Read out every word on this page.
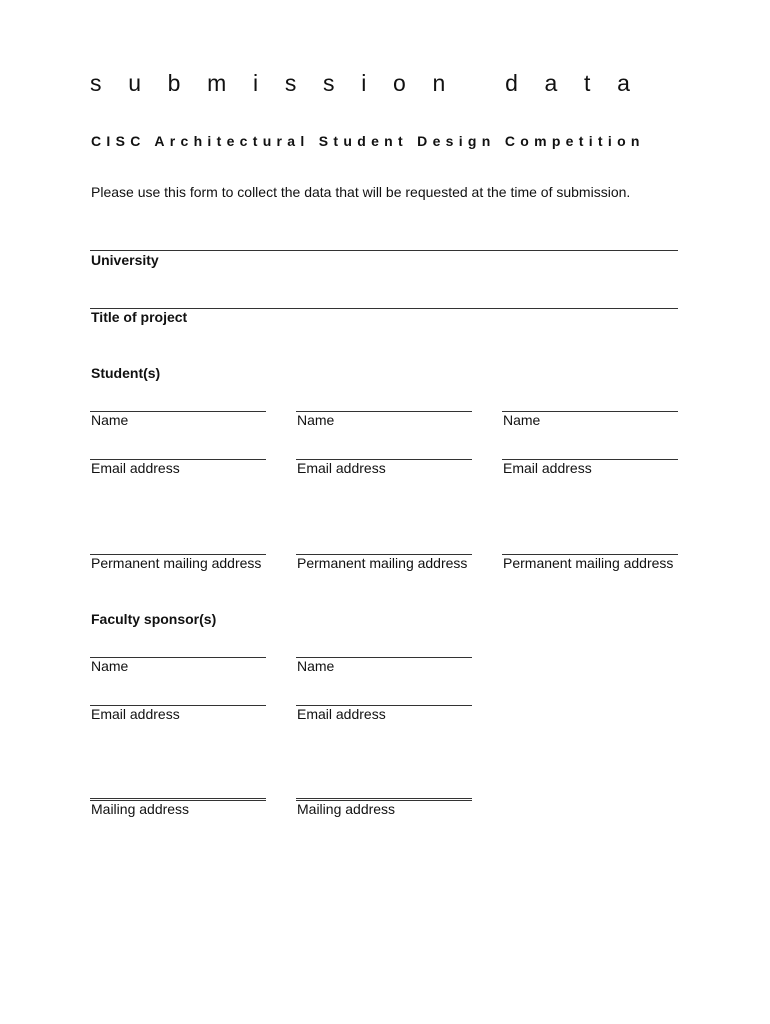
s u b m i s s i o n
	d a t a
CISC Architectural Student Design Competition

Please use this form to collect the data that will be requested at the time of submission.

University

Title of project

Student(s)

Name

Email address

Permanent mailing address

Name

Email address

Permanent mailing address

Name

Email address

Permanent mailing address

Faculty sponsor(s)

Name

Email address

Mailing address

Name

Email address

Mailing address
